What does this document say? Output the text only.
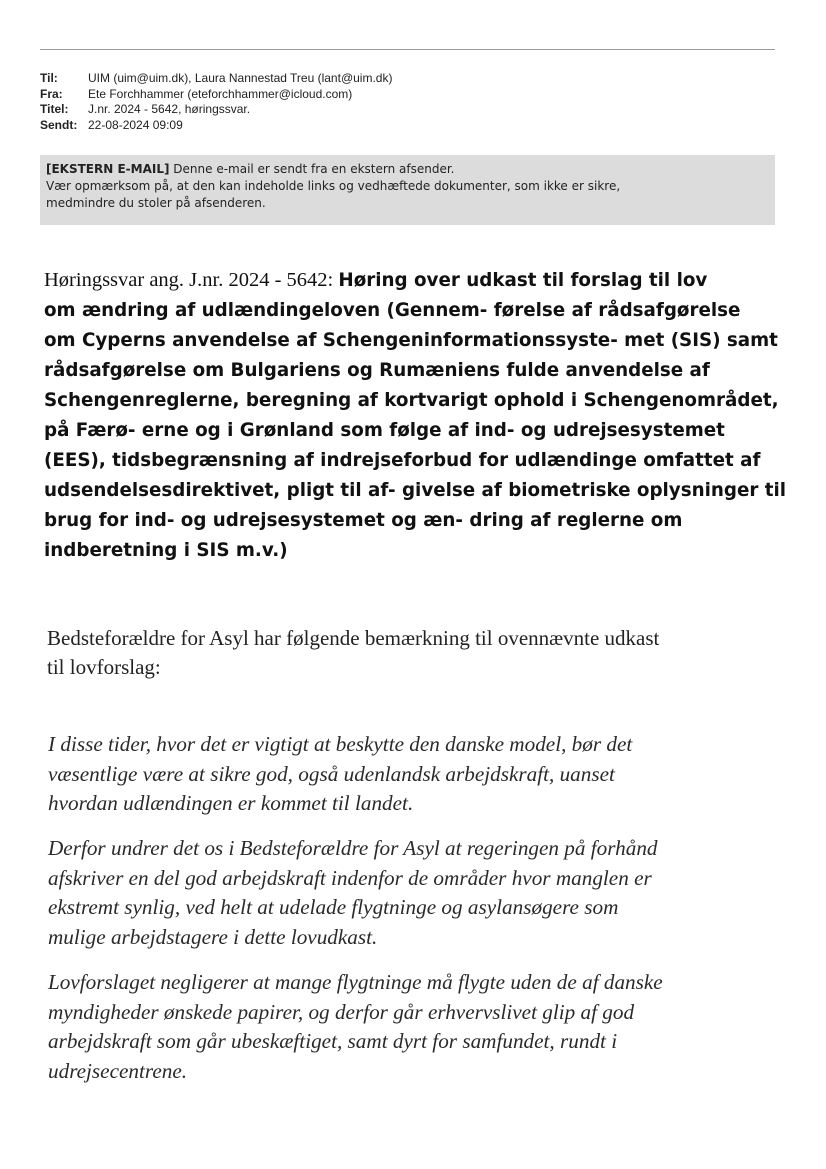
Til:	UIM (uim@uim.dk), Laura Nannestad Treu (lant@uim.dk)
Fra:	Ete Forchhammer (eteforchhammer@icloud.com)
Titel:	J.nr. 2024 - 5642, høringssvar.
Sendt: 22-08-2024 09:09
[EKSTERN E-MAIL] Denne e-mail er sendt fra en ekstern afsender.
Vær opmærksom på, at den kan indeholde links og vedhæftede dokumenter, som ikke er sikre,
medmindre du stoler på afsenderen.
Høringssvar ang. J.nr. 2024 - 5642: Høring over udkast til forslag til lov
om ændring af udlændingeloven (Gennem- førelse af rådsafgørelse
om Cyperns anvendelse af Schengeninformationssyste- met (SIS) samt
rådsafgørelse om Bulgariens og Rumæniens fulde anvendelse af
Schengenreglerne, beregning af kortvarigt ophold i Schengenområdet,
på Færø- erne og i Grønland som følge af ind- og udrejsesystemet
(EES), tidsbegrænsning af indrejseforbud for udlændinge omfattet af
udsendelsesdirektivet, pligt til af- givelse af biometriske oplysninger til
brug for ind- og udrejsesystemet og æn- dring af reglerne om
indberetning i SIS m.v.)
Bedsteforældre for Asyl har følgende bemærkning til ovennævnte udkast
til lovforslag:
I disse tider, hvor det er vigtigt at beskytte den danske model, bør det
væsentlige være at sikre god, også udenlandsk arbejdskraft, uanset
hvordan udlændingen er kommet til landet.
Derfor undrer det os i Bedsteforældre for Asyl at regeringen på forhånd
afskriver en del god arbejdskraft indenfor de områder hvor manglen er
ekstremt synlig, ved helt at udelade flygtninge og asylansøgere som
mulige arbejdstagere i dette lovudkast.
Lovforslaget negligerer at mange flygtninge må flygte uden de af danske
myndigheder ønskede papirer, og derfor går erhvervslivet glip af god
arbejdskraft som går ubeskæftiget, samt dyrt for samfundet, rundt i
udrejsecentrene.
